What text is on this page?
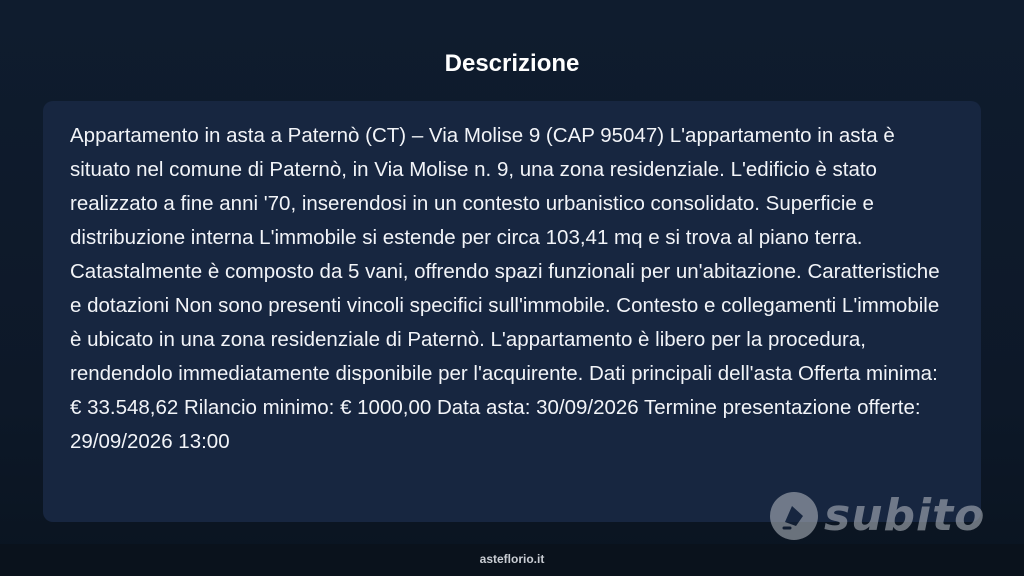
Descrizione

Appartamento in asta a Paternò (CT) – Via Molise 9 (CAP 95047) L'appartamento in asta è situato nel comune di Paternò, in Via Molise n. 9, una zona residenziale. L'edificio è stato realizzato a fine anni '70, inserendosi in un contesto urbanistico consolidato. Superficie e distribuzione interna L'immobile si estende per circa 103,41 mq e si trova al piano terra. Catastalmente è composto da 5 vani, offrendo spazi funzionali per un'abitazione. Caratteristiche e dotazioni Non sono presenti vincoli specifici sull'immobile. Contesto e collegamenti L'immobile è ubicato in una zona residenziale di Paternò. L'appartamento è libero per la procedura, rendendolo immediatamente disponibile per l'acquirente. Dati principali dell'asta Offerta minima: € 33.548,62 Rilancio minimo: € 1000,00 Data asta: 30/09/2026 Termine presentazione offerte: 29/09/2026 13:00

subito
asteflorio.it
